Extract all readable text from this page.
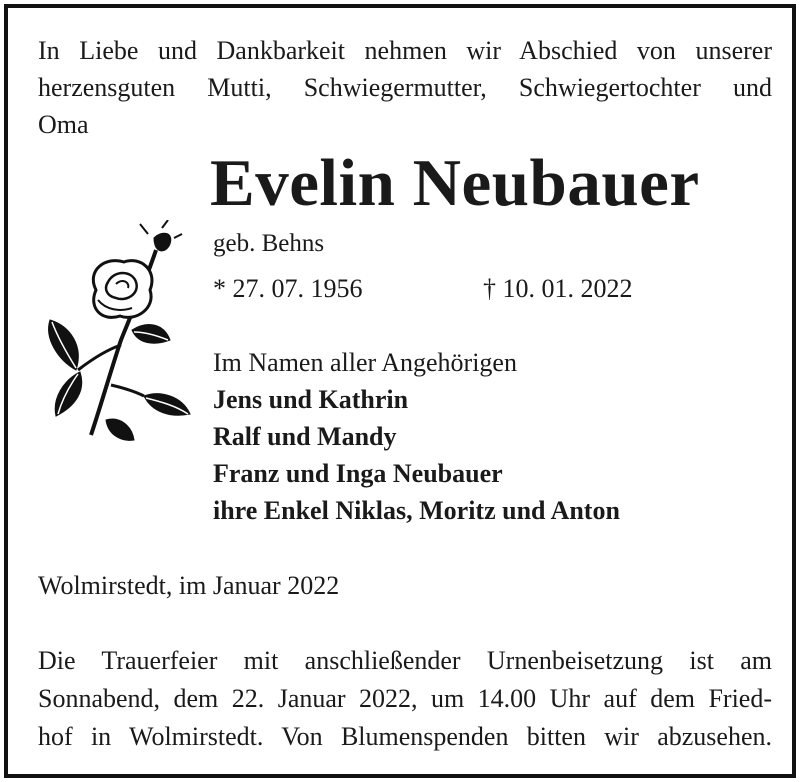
In Liebe und Dankbarkeit nehmen wir Abschied von unserer
herzensguten Mutti, Schwiegermutter, Schwiegertochter und
Oma
Evelin Neubauer

geb. Behns

* 27. 07. 1956	† 10. 01. 2022

Im Namen aller Angehörigen

Jens und Kathrin

Ralf und Mandy

Franz und Inga Neubauer

ihre Enkel Niklas, Moritz und Anton

Wolmirstedt, im Januar 2022

Die Trauerfeier mit anschließender Urnenbeisetzung ist am
Sonnabend, dem 22. Januar 2022, um 14.00 Uhr auf dem Fried-
hof in Wolmirstedt. Von Blumenspenden bitten wir abzusehen.
